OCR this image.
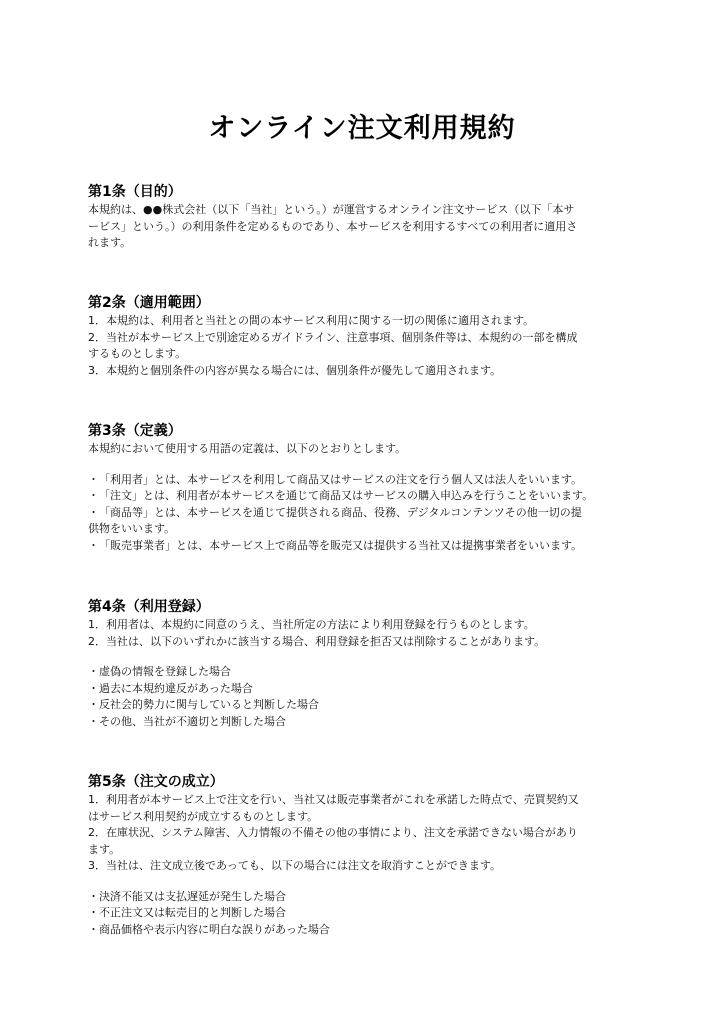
オンライン注文利用規約
第1条（目的）

本規約は、●●株式会社（以下「当社」という。）が運営するオンライン注文サービス（以下「本サ

ービス」という。）の利用条件を定めるものであり、本サービスを利用するすべての利用者に適用さ

れます。

第2条（適用範囲）

1．本規約は、利用者と当社との間の本サービス利用に関する一切の関係に適用されます。

2．当社が本サービス上で別途定めるガイドライン、注意事項、個別条件等は、本規約の一部を構成

するものとします。

3．本規約と個別条件の内容が異なる場合には、個別条件が優先して適用されます。

第3条（定義）

本規約において使用する用語の定義は、以下のとおりとします。

・「利用者」とは、本サービスを利用して商品又はサービスの注文を行う個人又は法人をいいます。

・「注文」とは、利用者が本サービスを通じて商品又はサービスの購入申込みを行うことをいいます。

・「商品等」とは、本サービスを通じて提供される商品、役務、デジタルコンテンツその他一切の提

供物をいいます。

・「販売事業者」とは、本サービス上で商品等を販売又は提供する当社又は提携事業者をいいます。

第4条（利用登録）

1．利用者は、本規約に同意のうえ、当社所定の方法により利用登録を行うものとします。

2．当社は、以下のいずれかに該当する場合、利用登録を拒否又は削除することがあります。

・虚偽の情報を登録した場合

・過去に本規約違反があった場合

・反社会的勢力に関与していると判断した場合

・その他、当社が不適切と判断した場合

第5条（注文の成立）

1．利用者が本サービス上で注文を行い、当社又は販売事業者がこれを承諾した時点で、売買契約又

はサービス利用契約が成立するものとします。

2．在庫状況、システム障害、入力情報の不備その他の事情により、注文を承諾できない場合があり

ます。

3．当社は、注文成立後であっても、以下の場合には注文を取消すことができます。

・決済不能又は支払遅延が発生した場合

・不正注文又は転売目的と判断した場合

・商品価格や表示内容に明白な誤りがあった場合
